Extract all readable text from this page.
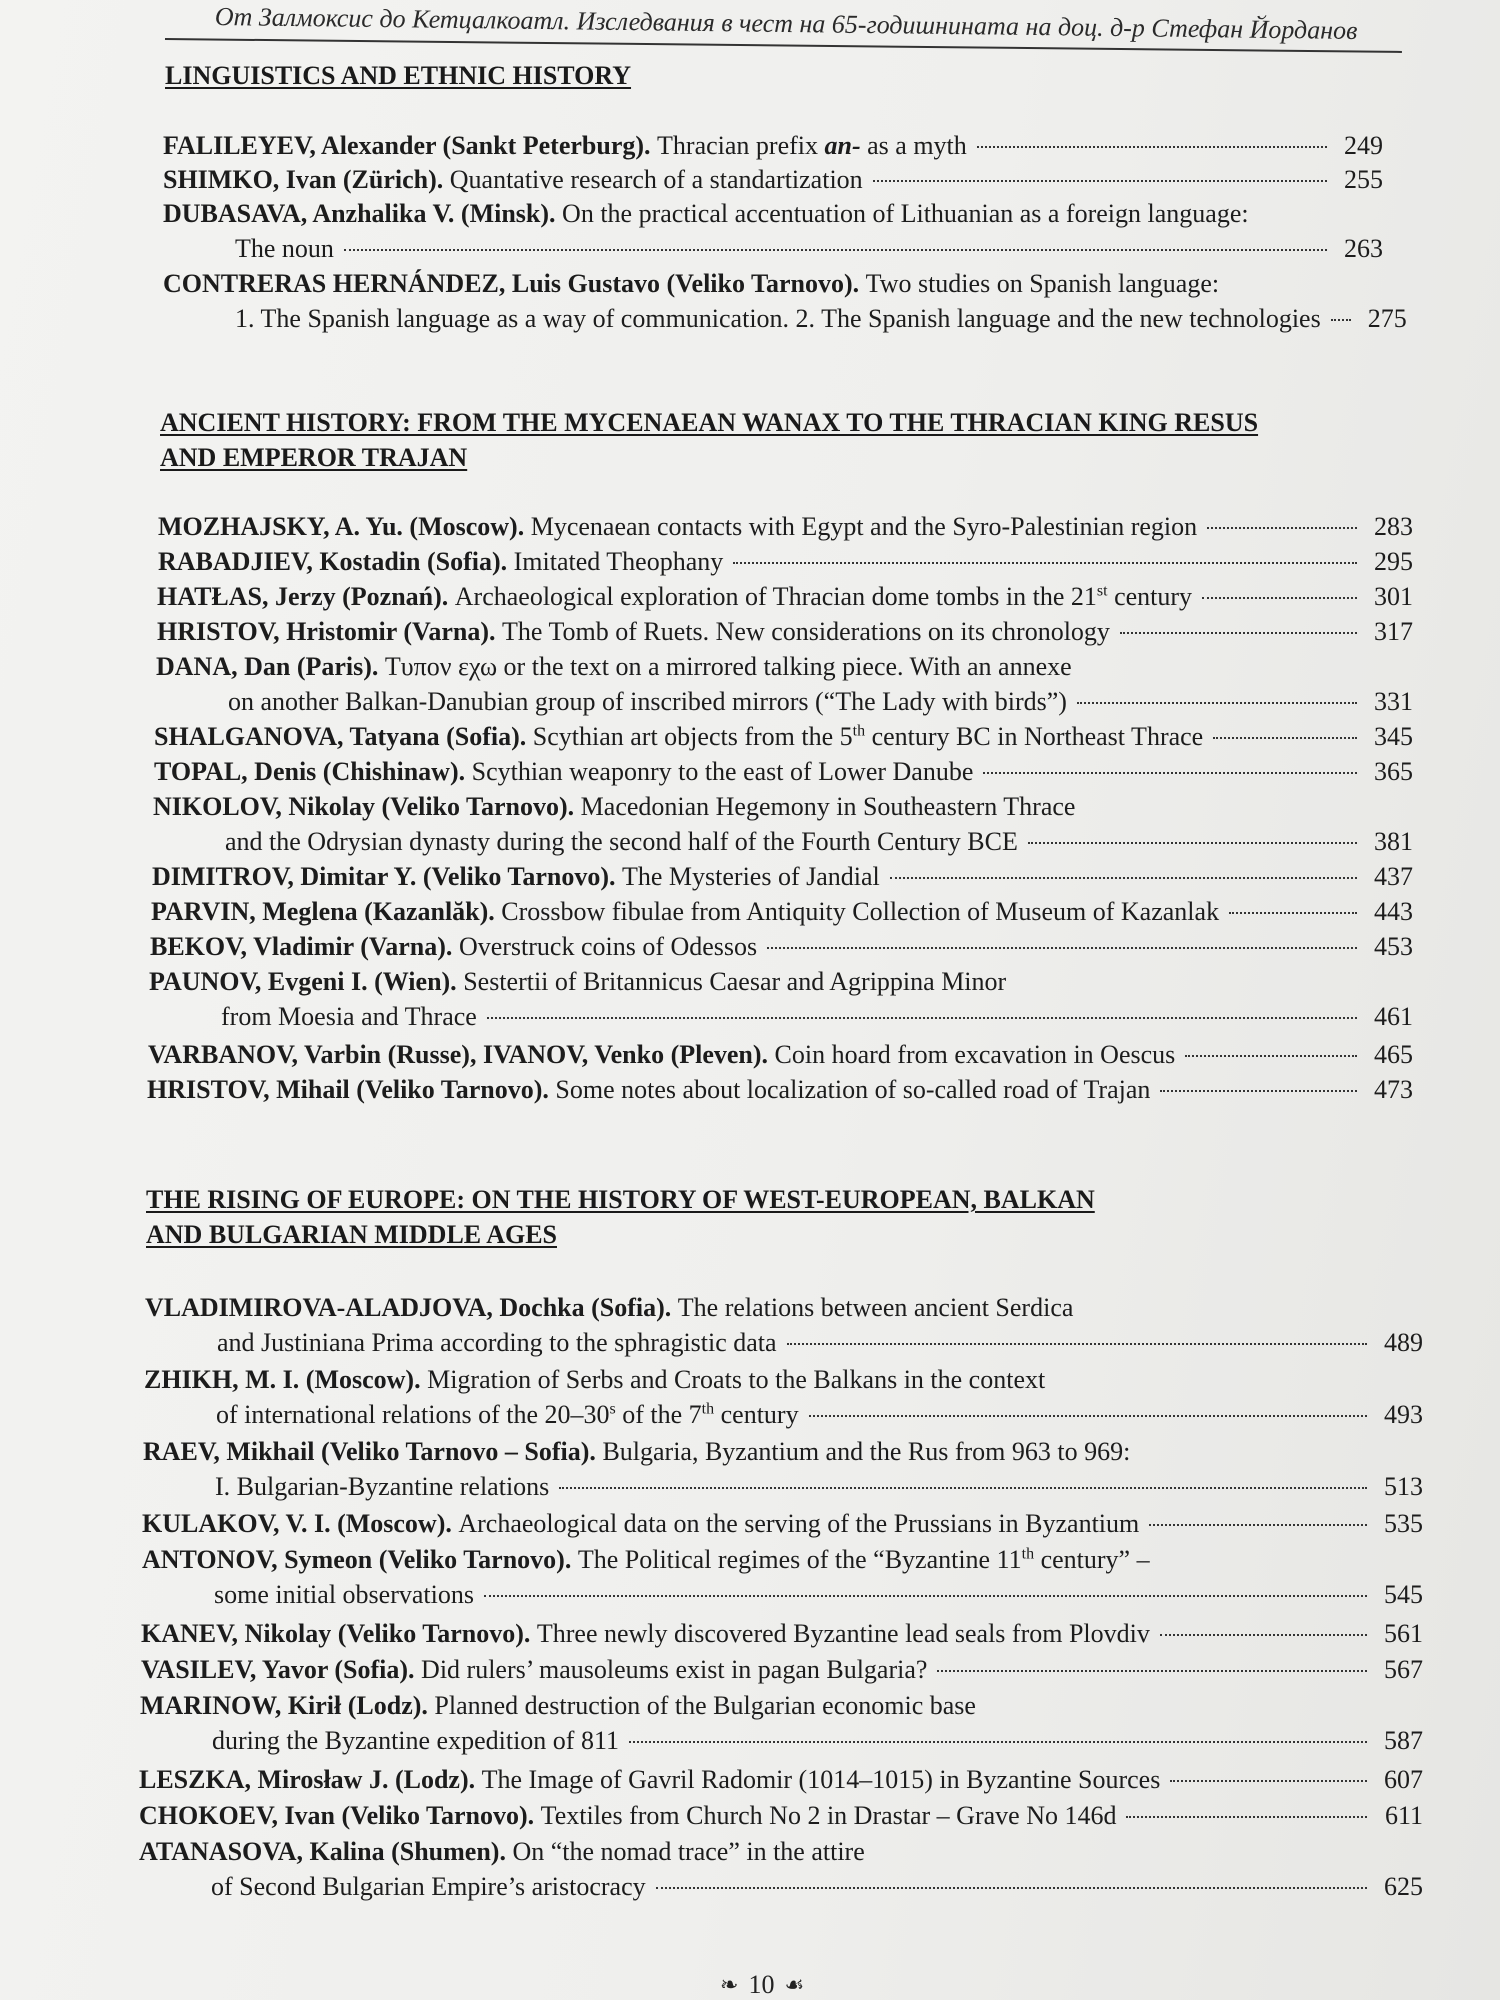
От Залмоксис до Кетцалкоатл. Изследвания в чест на 65-годишнината на доц. д-р Стефан Йорданов
LINGUISTICS AND ETHNIC HISTORY
FALILEYEV, Alexander (Sankt Peterburg).
Thracian prefix an- as a myth	249
SHIMKO, Ivan (Zürich).
Quantative research of a standartization	255
DUBASAVA, Anzhalika V. (Minsk).
On the practical accentuation of Lithuanian as a foreign language:
The noun	263
CONTRERAS HERNÁNDEZ, Luis Gustavo (Veliko Tarnovo).
Two studies on Spanish language:
1. The Spanish language as a way of communication. 2. The Spanish language and the new technologies	275
ANCIENT HISTORY: FROM THE MYCENAEAN WANAX TO THE THRACIAN KING RESUS
AND EMPEROR TRAJAN
MOZHAJSKY, A. Yu. (Moscow).
Mycenaean contacts with Egypt and the Syro-Palestinian region	283
RABADJIEV, Kostadin (Sofia).
Imitated Theophany	295
HATŁAS, Jerzy (Poznań).
Archaeological exploration of Thracian dome tombs in the 21st century	301
HRISTOV, Hristomir (Varna).
The Tomb of Ruets. New considerations on its chronology	317
DANA, Dan (Paris).
Τυπον εχω or the text on a mirrored talking piece. With an annexe
on another Balkan-Danubian group of inscribed mirrors (“The Lady with birds”)	331
SHALGANOVA, Tatyana (Sofia).
Scythian art objects from the 5th century BC in Northeast Thrace	345
TOPAL, Denis (Chishinaw).
Scythian weaponry to the east of Lower Danube	365
NIKOLOV, Nikolay (Veliko Tarnovo).
Macedonian Hegemony in Southeastern Thrace
and the Odrysian dynasty during the second half of the Fourth Century BCE	381
DIMITROV, Dimitar Y. (Veliko Tarnovo).
The Mysteries of Jandial	437
PARVIN, Meglena (Kazanlăk).
Crossbow fibulae from Antiquity Collection of Museum of Kazanlak	443
BEKOV, Vladimir (Varna).
Overstruck coins of Odessos	453
PAUNOV, Evgeni I. (Wien).
Sestertii of Britannicus Caesar and Agrippina Minor
from Moesia and Thrace	461
VARBANOV, Varbin (Russe), IVANOV, Venko (Pleven).
Coin hoard from excavation in Oescus	465
HRISTOV, Mihail (Veliko Tarnovo).
Some notes about localization of so-called road of Trajan	473
THE RISING OF EUROPE: ON THE HISTORY OF WEST-EUROPEAN, BALKAN
AND BULGARIAN MIDDLE AGES
VLADIMIROVA-ALADJOVA, Dochka (Sofia).
The relations between ancient Serdica
and Justiniana Prima according to the sphragistic data	489
ZHIKH, M. I. (Moscow).
Migration of Serbs and Croats to the Balkans in the context
of international relations of the 20–30$^s$ of the 7th century	493
RAEV, Mikhail (Veliko Tarnovo – Sofia).
Bulgaria, Byzantium and the Rus from 963 to 969:
I. Bulgarian-Byzantine relations	513
KULAKOV, V. I. (Moscow).
Archaeological data on the serving of the Prussians in Byzantium	535
ANTONOV, Symeon (Veliko Tarnovo).
The Political regimes of the “Byzantine 11th century” –
some initial observations	545
KANEV, Nikolay (Veliko Tarnovo).
Three newly discovered Byzantine lead seals from Plovdiv	561
VASILEV, Yavor (Sofia).
Did rulers’ mausoleums exist in pagan Bulgaria?	567
MARINOW, Kirił (Lodz).
Planned destruction of the Bulgarian economic base
during the Byzantine expedition of 811	587
LESZKA, Mirosław J. (Lodz).
The Image of Gavril Radomir (1014–1015) in Byzantine Sources	607
CHOKOEV, Ivan (Veliko Tarnovo).
Textiles from Church No 2 in Drastar – Grave No 146d	611
ATANASOVA, Kalina (Shumen).
On “the nomad trace” in the attire
of Second Bulgarian Empire’s aristocracy	625
❧ 10 ☙
